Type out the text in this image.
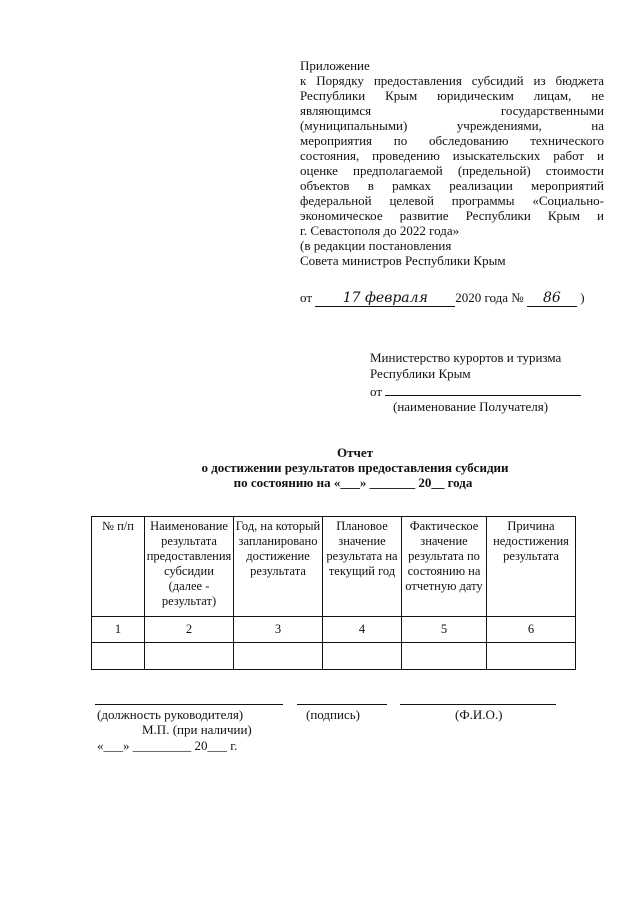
Приложение
к Порядку предоставления субсидий из бюджета
Республики Крым юридическим лицам, не
являющимся государственными
(муниципальными) учреждениями, на
мероприятия по обследованию технического
состояния, проведению изыскательских работ и
оценке предполагаемой (предельной) стоимости
объектов в рамках реализации мероприятий
федеральной целевой программы «Социально-
экономическое развитие Республики Крым и
г. Севастополя до 2022 года»
(в редакции постановления
Совета министров Республики Крым
от 17 февраля 2020 года № 86 )
Министерство курортов и туризма
Республики Крым
от
(наименование Получателя)
Отчет
о достижении результатов предоставления субсидии
по состоянию на «___» _______ 20__ года
№ п/п	Наименование результата предоставления субсидии (далее - результат)	Год, на который запланировано достижение результата	Плановое значение результата на текущий год	Фактическое значение результата по состоянию на отчетную дату	Причина недостижения результата
1	2	3	4	5	6

(должность руководителя)	(подпись)	(Ф.И.О.)
М.П. (при наличии)
«___» _________ 20___ г.
